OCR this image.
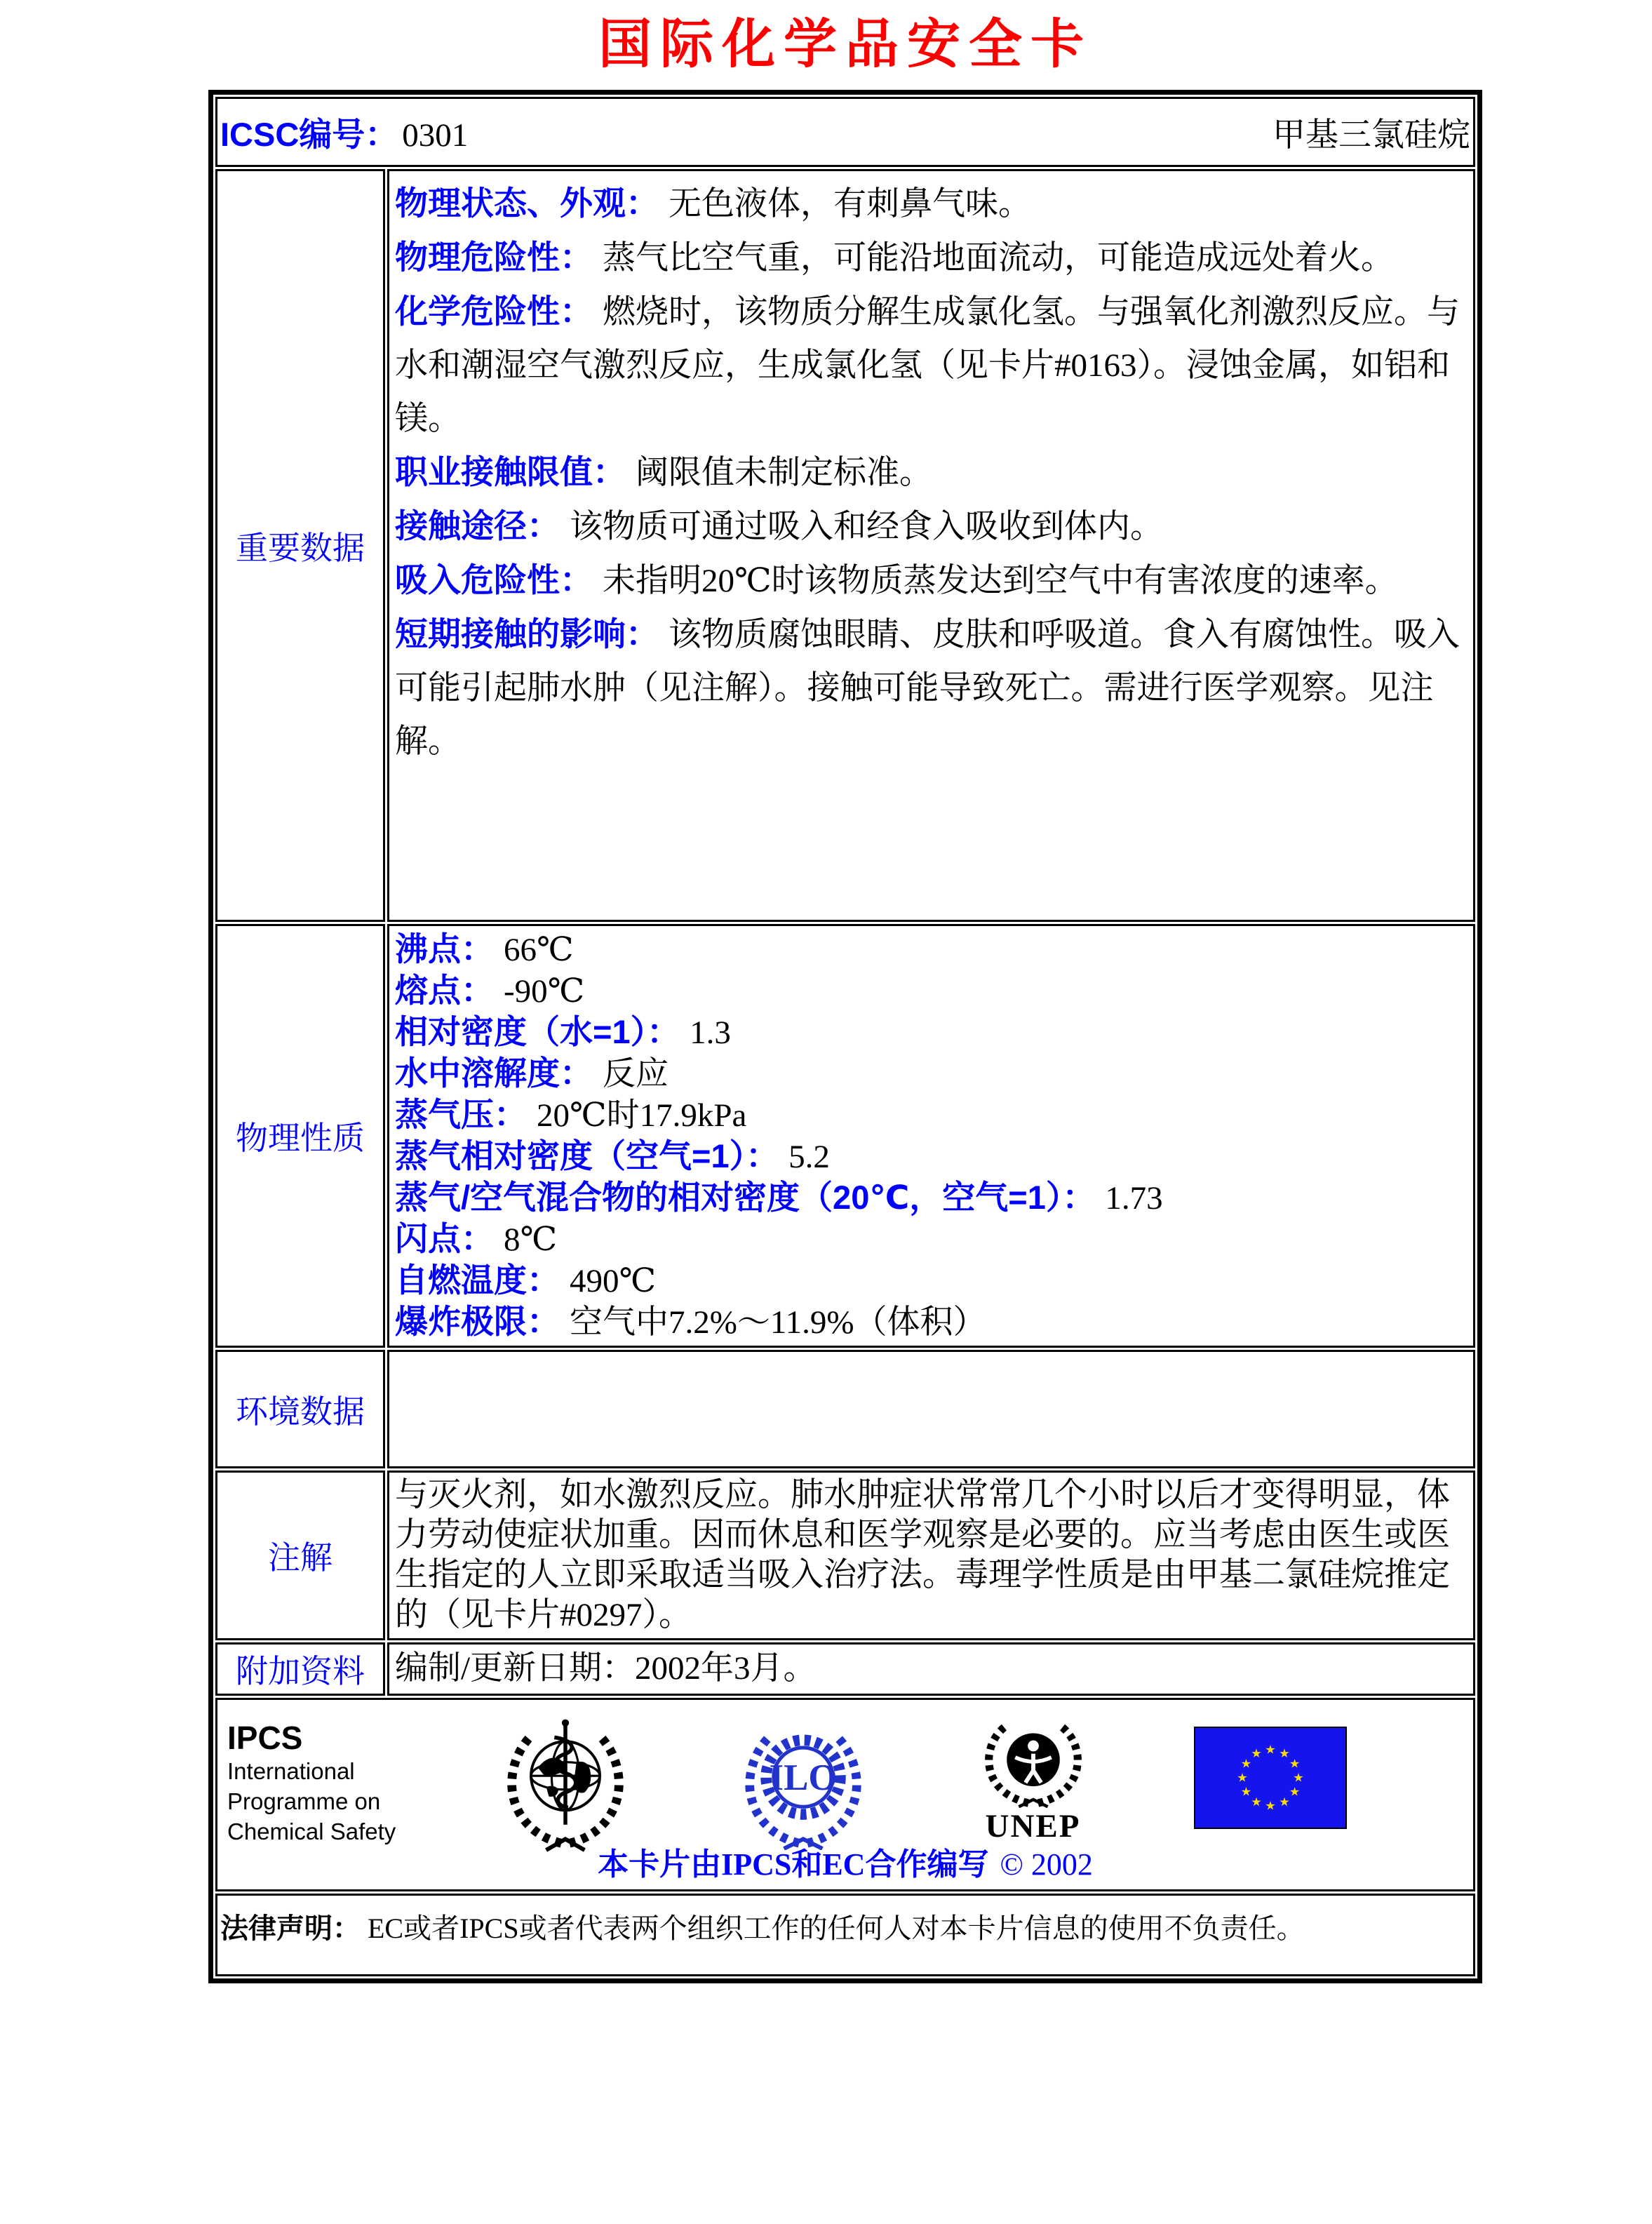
国际化学品安全卡
ICSC编号： 0301 甲基三氯硅烷	

重要数据	
物理状态、外观： 无色液体，有刺鼻气味。
物理危险性： 蒸气比空气重，可能沿地面流动，可能造成远处着火。
化学危险性： 燃烧时，该物质分解生成氯化氢。与强氧化剂激烈反应。与水和潮湿空气激烈反应，生成氯化氢（见卡片#0163）。浸蚀金属，如铝和镁。
职业接触限值： 阈限值未制定标准。
接触途径： 该物质可通过吸入和经食入吸收到体内。
吸入危险性： 未指明20℃时该物质蒸发达到空气中有害浓度的速率。
短期接触的影响： 该物质腐蚀眼睛、皮肤和呼吸道。食入有腐蚀性。吸入可能引起肺水肿（见注解）。接触可能导致死亡。需进行医学观察。见注解。

物理性质	
沸点： 66℃
熔点： -90℃
相对密度（水=1）： 1.3
水中溶解度： 反应
蒸气压： 20℃时17.9kPa
蒸气相对密度（空气=1）： 5.2
蒸气/空气混合物的相对密度（20℃，空气=1）： 1.73
闪点： 8℃
自燃温度： 490℃
爆炸极限： 空气中7.2%～11.9%（体积）

环境数据	
注解	与灭火剂，如水激烈反应。肺水肿症状常常几个小时以后才变得明显，体力劳动使症状加重。因而休息和医学观察是必要的。应当考虑由医生或医生指定的人立即采取适当吸入治疗法。毒理学性质是由甲基二氯硅烷推定的（见卡片#0297）。
附加资料	编制/更新日期：2002年3月。

IPCS
International
Programme on
Chemical Safety
ILO
UNEP
本卡片由IPCS和EC合作编写 © 2002

法律声明： EC或者IPCS或者代表两个组织工作的任何人对本卡片信息的使用不负责任。	
